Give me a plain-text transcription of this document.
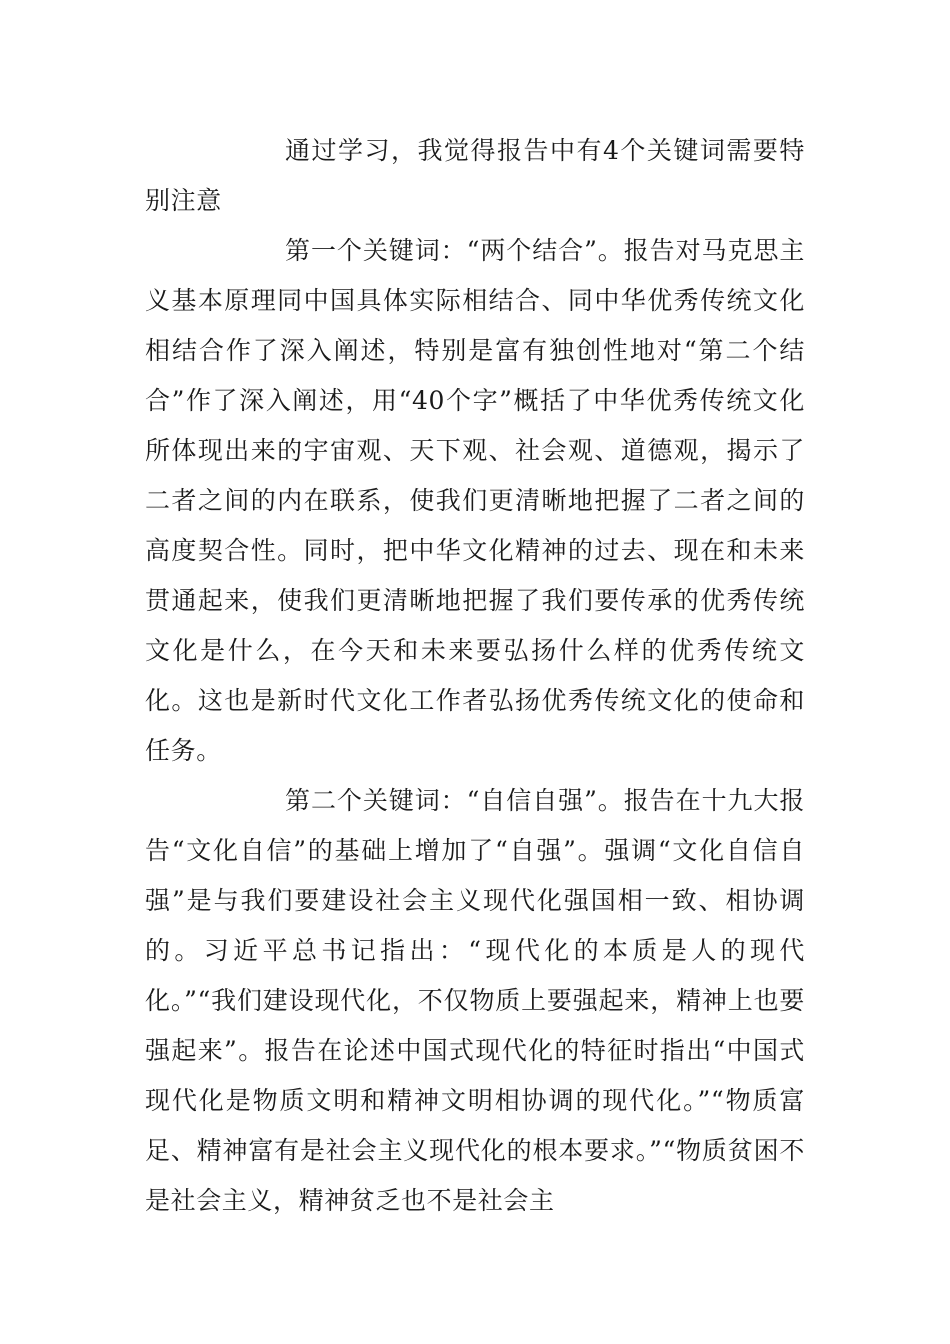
通过学习，我觉得报告中有4个关键词需要特别注意

第一个关键词：“两个结合”。报告对马克思主义基本原理同中国具体实际相结合、同中华优秀传统文化相结合作了深入阐述，特别是富有独创性地对“第二个结合”作了深入阐述，用“40个字”概括了中华优秀传统文化所体现出来的宇宙观、天下观、社会观、道德观，揭示了二者之间的内在联系，使我们更清晰地把握了二者之间的高度契合性。同时，把中华文化精神的过去、现在和未来贯通起来，使我们更清晰地把握了我们要传承的优秀传统文化是什么，在今天和未来要弘扬什么样的优秀传统文化。这也是新时代文化工作者弘扬优秀传统文化的使命和任务。

第二个关键词：“自信自强”。报告在十九大报告“文化自信”的基础上增加了“自强”。强调“文化自信自强”是与我们要建设社会主义现代化强国相一致、相协调的。习近平总书记指出：“现代化的本质是人的现代化。”“我们建设现代化，不仅物质上要强起来，精神上也要强起来”。报告在论述中国式现代化的特征时指出“中国式现代化是物质文明和精神文明相协调的现代化。”“物质富足、精神富有是社会主义现代化的根本要求。”“物质贫困不是社会主义，精神贫乏也不是社会主
